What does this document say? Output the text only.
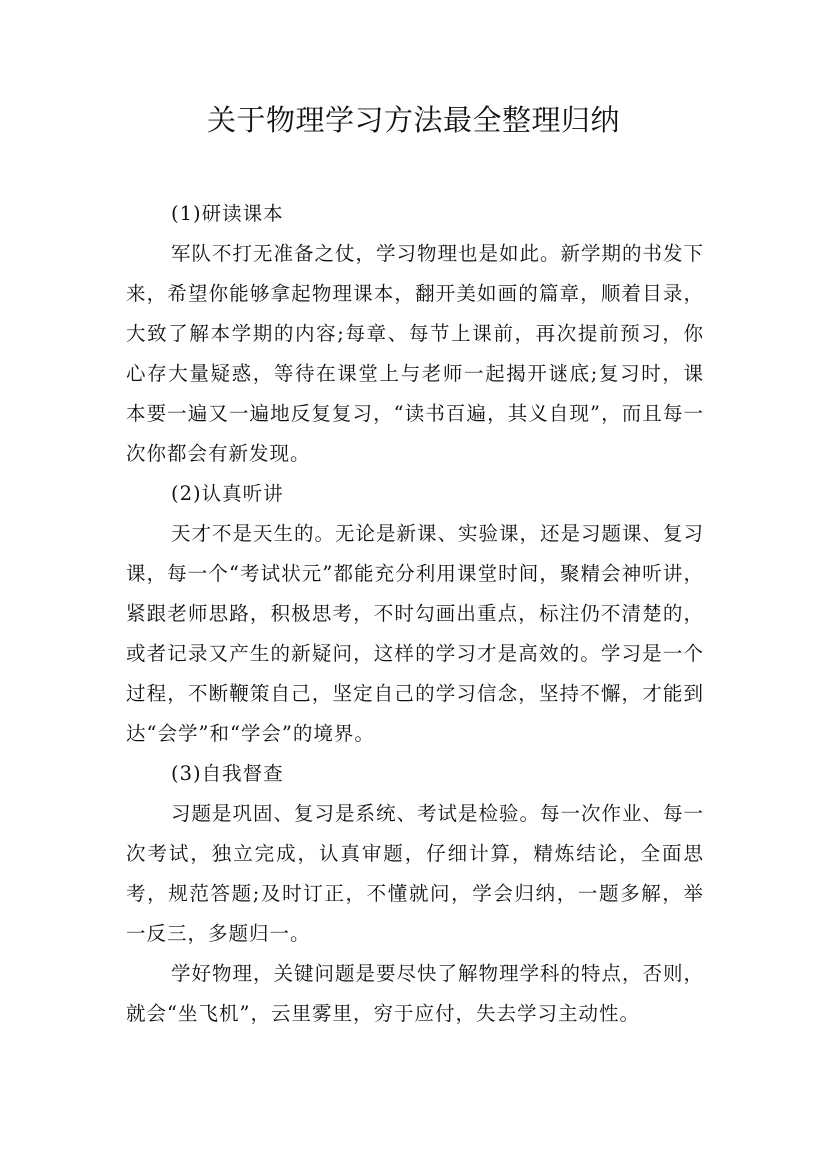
关于物理学习方法最全整理归纳

(1)研读课本

军队不打无准备之仗，学习物理也是如此。新学期的书发下来，希望你能够拿起物理课本，翻开美如画的篇章，顺着目录，大致了解本学期的内容;每章、每节上课前，再次提前预习，你心存大量疑惑，等待在课堂上与老师一起揭开谜底;复习时，课本要一遍又一遍地反复复习，“读书百遍，其义自现”，而且每一次你都会有新发现。

(2)认真听讲

天才不是天生的。无论是新课、实验课，还是习题课、复习课，每一个“考试状元”都能充分利用课堂时间，聚精会神听讲，紧跟老师思路，积极思考，不时勾画出重点，标注仍不清楚的，或者记录又产生的新疑问，这样的学习才是高效的。学习是一个过程，不断鞭策自己，坚定自己的学习信念，坚持不懈，才能到达“会学”和“学会”的境界。

(3)自我督查

习题是巩固、复习是系统、考试是检验。每一次作业、每一次考试，独立完成，认真审题，仔细计算，精炼结论，全面思考，规范答题;及时订正，不懂就问，学会归纳，一题多解，举一反三，多题归一。

学好物理，关键问题是要尽快了解物理学科的特点，否则，就会“坐飞机”，云里雾里，穷于应付，失去学习主动性。
